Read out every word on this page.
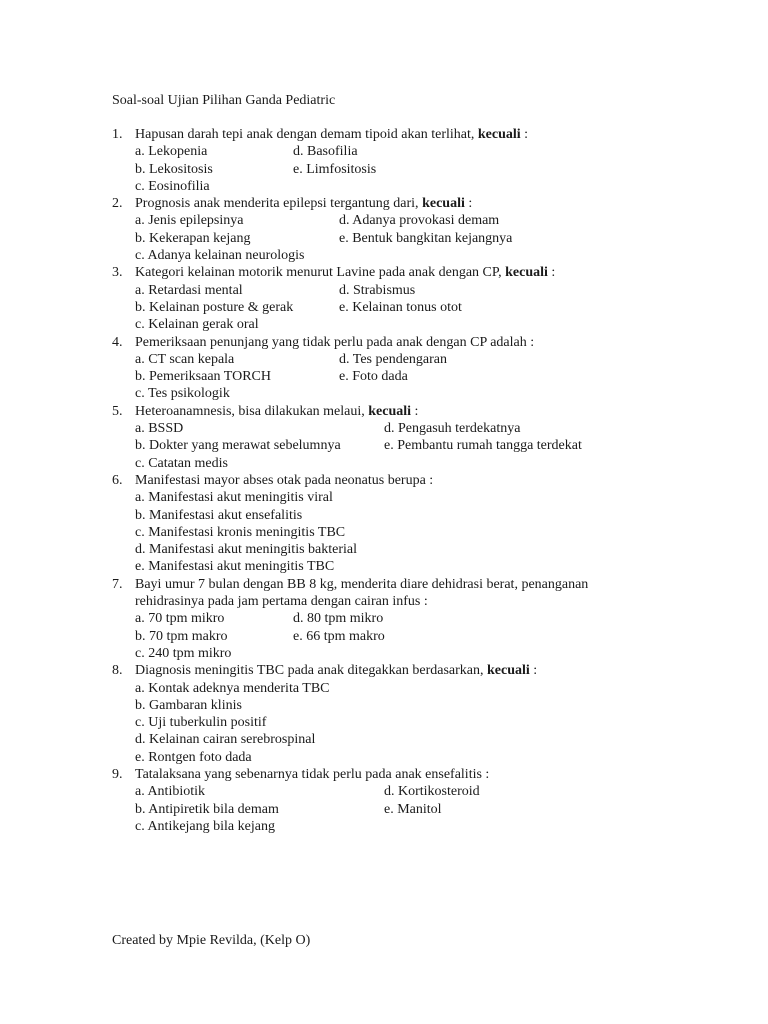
Soal-soal Ujian Pilihan Ganda Pediatric
1. Hapusan darah tepi anak dengan demam tipoid akan terlihat, kecuali :
a. Lekopenia	d. Basofilia
b. Lekositosis	e. Limfositosis
c. Eosinofilia
2. Prognosis anak menderita epilepsi tergantung dari, kecuali :
a. Jenis epilepsinya	d. Adanya provokasi demam
b. Kekerapan kejang	e. Bentuk bangkitan kejangnya
c. Adanya kelainan neurologis
3. Kategori kelainan motorik menurut Lavine pada anak dengan CP, kecuali :
a. Retardasi mental	d. Strabismus
b. Kelainan posture & gerak	e. Kelainan tonus otot
c. Kelainan gerak oral
4. Pemeriksaan penunjang yang tidak perlu pada anak dengan CP adalah :
a. CT scan kepala	d. Tes pendengaran
b. Pemeriksaan TORCH	e. Foto dada
c. Tes psikologik
5. Heteroanamnesis, bisa dilakukan melaui, kecuali :
a. BSSD	d. Pengasuh terdekatnya
b. Dokter yang merawat sebelumnya	e. Pembantu rumah tangga terdekat
c. Catatan medis
6. Manifestasi mayor abses otak pada neonatus berupa :
a. Manifestasi akut meningitis viral
b. Manifestasi akut ensefalitis
c. Manifestasi kronis meningitis TBC
d. Manifestasi akut meningitis bakterial
e. Manifestasi akut meningitis TBC
7. Bayi umur 7 bulan dengan BB 8 kg, menderita diare dehidrasi berat, penanganan
rehidrasinya pada jam pertama dengan cairan infus :
a. 70 tpm mikro	d. 80 tpm mikro
b. 70 tpm makro	e. 66 tpm makro
c. 240 tpm mikro
8. Diagnosis meningitis TBC pada anak ditegakkan berdasarkan, kecuali :
a. Kontak adeknya menderita TBC
b. Gambaran klinis
c. Uji tuberkulin positif
d. Kelainan cairan serebrospinal
e. Rontgen foto dada
9. Tatalaksana yang sebenarnya tidak perlu pada anak ensefalitis :
a. Antibiotik	d. Kortikosteroid
b. Antipiretik bila demam	e. Manitol
c. Antikejang bila kejang
Created by Mpie Revilda, (Kelp O)
